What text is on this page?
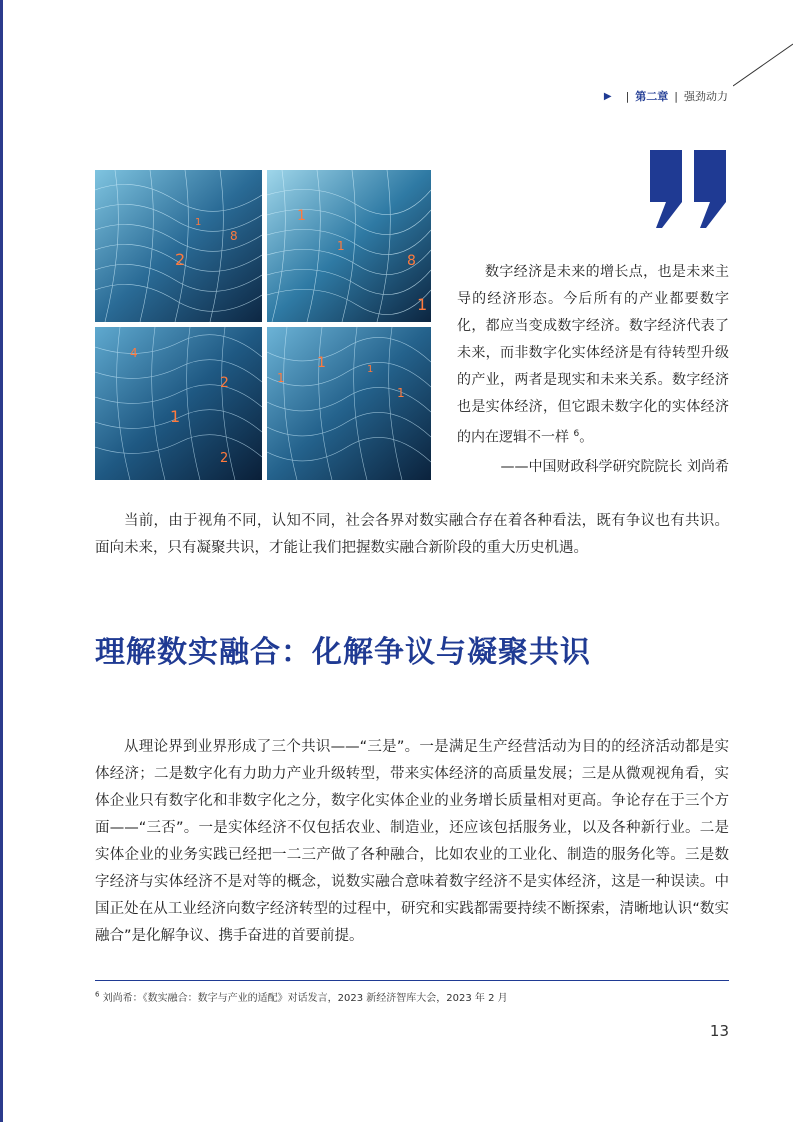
▶ | 第二章 | 强劲动力
2
8
1	1
1
8
1
4
2
1
2
1
1
1
1
数字经济是未来的增长点，也是未来主导的经济形态。今后所有的产业都要数字化，都应当变成数字经济。数字经济代表了未来，而非数字化实体经济是有待转型升级的产业，两者是现实和未来关系。数字经济也是实体经济，但它跟未数字化的实体经济的内在逻辑不一样 $^6$。
——中国财政科学研究院院长 刘尚希
当前，由于视角不同，认知不同，社会各界对数实融合存在着各种看法，既有争议也有共识。面向未来，只有凝聚共识，才能让我们把握数实融合新阶段的重大历史机遇。
理解数实融合：化解争议与凝聚共识
从理论界到业界形成了三个共识——“三是”。一是满足生产经营活动为目的的经济活动都是实体经济；二是数字化有力助力产业升级转型，带来实体经济的高质量发展；三是从微观视角看，实体企业只有数字化和非数字化之分，数字化实体企业的业务增长质量相对更高。争论存在于三个方面——“三否”。一是实体经济不仅包括农业、制造业，还应该包括服务业，以及各种新行业。二是实体企业的业务实践已经把一二三产做了各种融合，比如农业的工业化、制造的服务化等。三是数字经济与实体经济不是对等的概念，说数实融合意味着数字经济不是实体经济，这是一种误读。中国正处在从工业经济向数字经济转型的过程中，研究和实践都需要持续不断探索，清晰地认识“数实融合”是化解争议、携手奋进的首要前提。
$^6$ 刘尚希：《数实融合：数字与产业的适配》对话发言，2023 新经济智库大会，2023 年 2 月
13
